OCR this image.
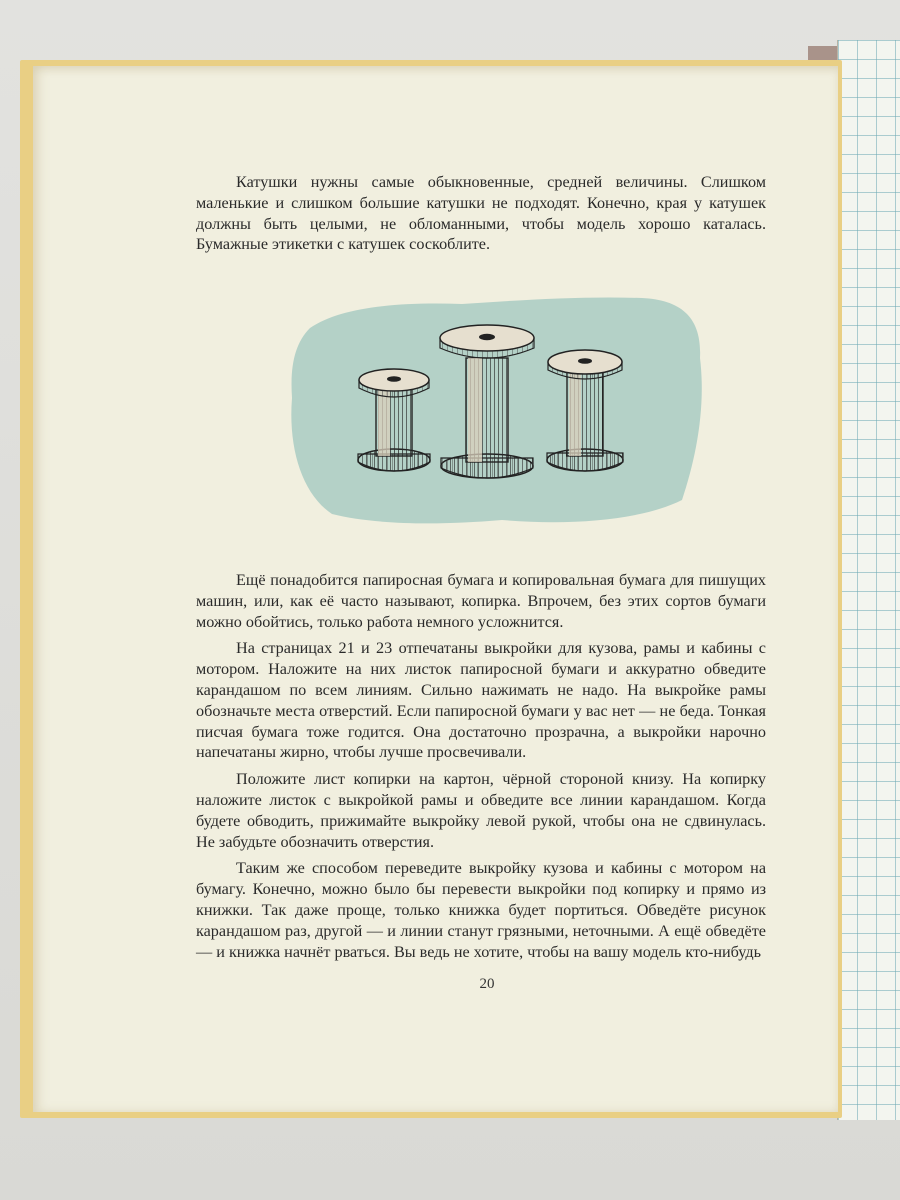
Катушки нужны самые обыкновенные, средней величины. Слишком маленькие и слишком большие катушки не подходят. Конечно, края у катушек должны быть целыми, не обломанными, чтобы модель хорошо каталась. Бумажные этикетки с катушек соскоблите.

Ещё понадобится папиросная бумага и копировальная бумага для пишущих машин, или, как её часто называют, копирка. Впрочем, без этих сортов бумаги можно обойтись, только работа немного усложнится.

На страницах 21 и 23 отпечатаны выкройки для кузова, рамы и кабины с мотором. Наложите на них листок папиросной бумаги и аккуратно обведите карандашом по всем линиям. Сильно нажимать не надо. На выкройке рамы обозначьте места отверстий. Если папиросной бумаги у вас нет — не беда. Тонкая писчая бумага тоже годится. Она достаточно прозрачна, а выкройки нарочно напечатаны жирно, чтобы лучше просвечивали.

Положите лист копирки на картон, чёрной стороной книзу. На копирку наложите листок с выкройкой рамы и обведите все линии карандашом. Когда будете обводить, прижимайте выкройку левой рукой, чтобы она не сдвинулась. Не забудьте обозначить отверстия.

Таким же способом переведите выкройку кузова и кабины с мотором на бумагу. Конечно, можно было бы перевести выкройки под копирку и прямо из книжки. Так даже проще, только книжка будет портиться. Обведёте рисунок карандашом раз, другой — и линии станут грязными, неточными. А ещё обведёте — и книжка начнёт рваться. Вы ведь не хотите, чтобы на вашу модель кто-нибудь

20
